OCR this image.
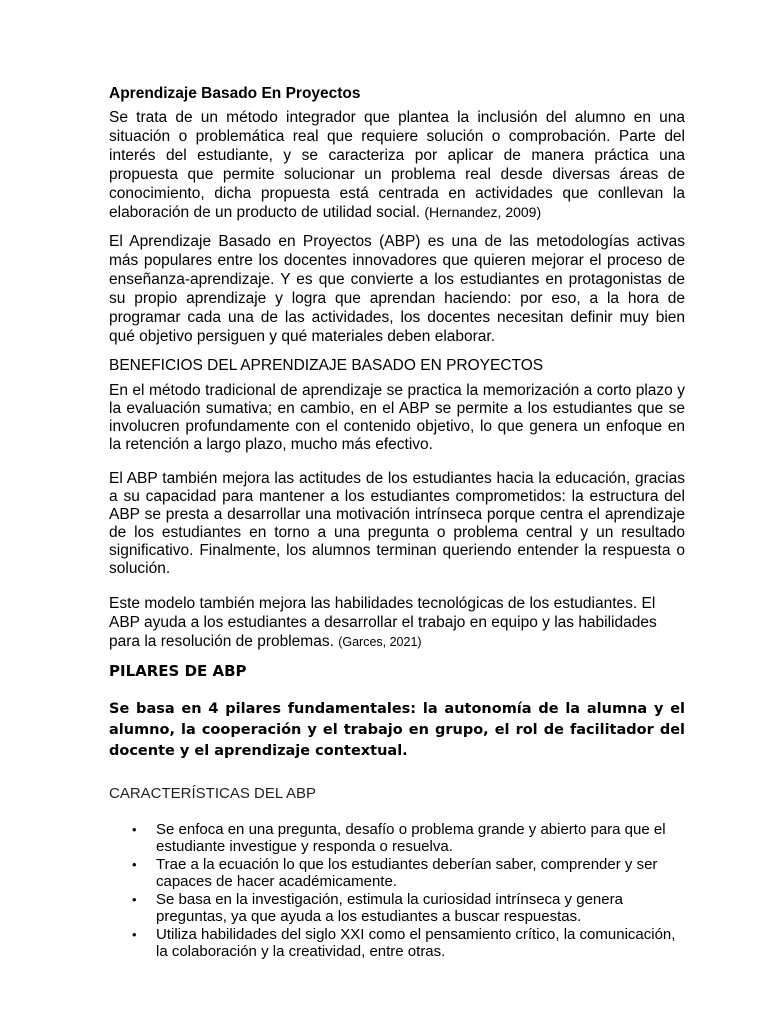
Aprendizaje Basado En Proyectos

Se trata de un método integrador que plantea la inclusión del alumno en una situación o problemática real que requiere solución o comprobación. Parte del interés del estudiante, y se caracteriza por aplicar de manera práctica una propuesta que permite solucionar un problema real desde diversas áreas de conocimiento, dicha propuesta está centrada en actividades que conllevan la elaboración de un producto de utilidad social. (Hernandez, 2009)

El Aprendizaje Basado en Proyectos (ABP) es una de las metodologías activas más populares entre los docentes innovadores que quieren mejorar el proceso de enseñanza-aprendizaje. Y es que convierte a los estudiantes en protagonistas de su propio aprendizaje y logra que aprendan haciendo: por eso, a la hora de programar cada una de las actividades, los docentes necesitan definir muy bien qué objetivo persiguen y qué materiales deben elaborar.

BENEFICIOS DEL APRENDIZAJE BASADO EN PROYECTOS

En el método tradicional de aprendizaje se practica la memorización a corto plazo y la evaluación sumativa; en cambio, en el ABP se permite a los estudiantes que se involucren profundamente con el contenido objetivo, lo que genera un enfoque en la retención a largo plazo, mucho más efectivo.

El ABP también mejora las actitudes de los estudiantes hacia la educación, gracias a su capacidad para mantener a los estudiantes comprometidos: la estructura del ABP se presta a desarrollar una motivación intrínseca porque centra el aprendizaje de los estudiantes en torno a una pregunta o problema central y un resultado significativo. Finalmente, los alumnos terminan queriendo entender la respuesta o solución.

Este modelo también mejora las habilidades tecnológicas de los estudiantes. El ABP ayuda a los estudiantes a desarrollar el trabajo en equipo y las habilidades para la resolución de problemas. (Garces, 2021)

PILARES DE ABP

Se basa en 4 pilares fundamentales: la autonomía de la alumna y el alumno, la cooperación y el trabajo en grupo, el rol de facilitador del docente y el aprendizaje contextual.

CARACTERÍSTICAS DEL ABP
• Se enfoca en una pregunta, desafío o problema grande y abierto para que el estudiante investigue y responda o resuelva.
• Trae a la ecuación lo que los estudiantes deberían saber, comprender y ser capaces de hacer académicamente.
• Se basa en la investigación, estimula la curiosidad intrínseca y genera preguntas, ya que ayuda a los estudiantes a buscar respuestas.
• Utiliza habilidades del siglo XXI como el pensamiento crítico, la comunicación, la colaboración y la creatividad, entre otras.
